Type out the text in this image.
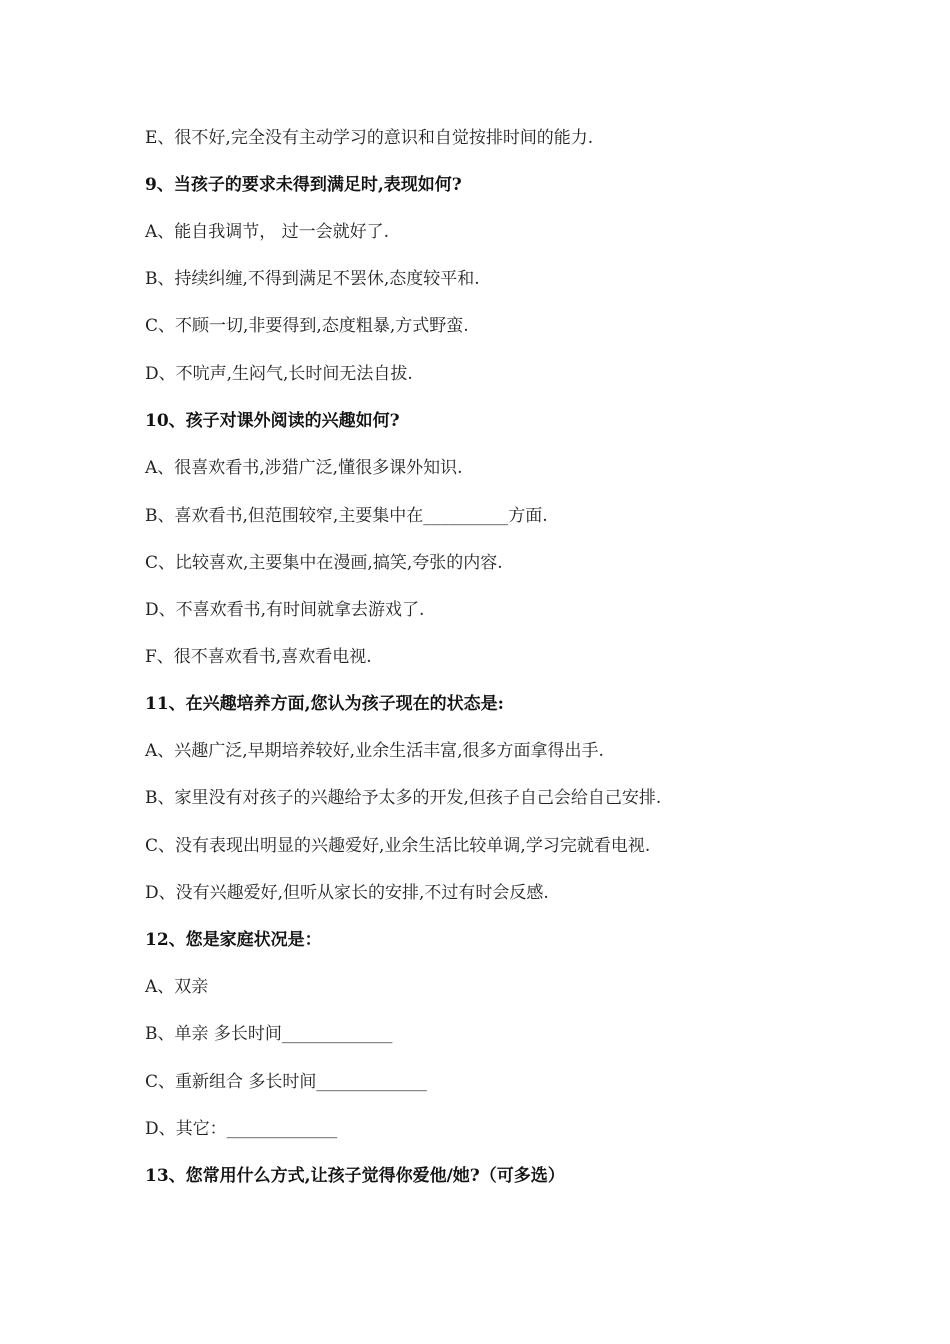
E、很不好,完全没有主动学习的意识和自觉按排时间的能力.
9、当孩子的要求未得到满足时,表现如何?
A、能自我调节， 过一会就好了.
B、持续纠缠,不得到满足不罢休,态度较平和.
C、不顾一切,非要得到,态度粗暴,方式野蛮.
D、不吭声,生闷气,长时间无法自拔.
10、孩子对课外阅读的兴趣如何?
A、很喜欢看书,涉猎广泛,懂很多课外知识.
B、喜欢看书,但范围较窄,主要集中在__________方面.
C、比较喜欢,主要集中在漫画,搞笑,夸张的内容.
D、不喜欢看书,有时间就拿去游戏了.
F、很不喜欢看书,喜欢看电视.
11、在兴趣培养方面,您认为孩子现在的状态是:
A、兴趣广泛,早期培养较好,业余生活丰富,很多方面拿得出手.
B、家里没有对孩子的兴趣给予太多的开发,但孩子自己会给自己安排.
C、没有表现出明显的兴趣爱好,业余生活比较单调,学习完就看电视.
D、没有兴趣爱好,但听从家长的安排,不过有时会反感.
12、您是家庭状况是：
A、双亲
B、单亲 多长时间_____________
C、重新组合 多长时间_____________
D、其它：_____________
13、您常用什么方式,让孩子觉得你爱他/她?（可多选）
